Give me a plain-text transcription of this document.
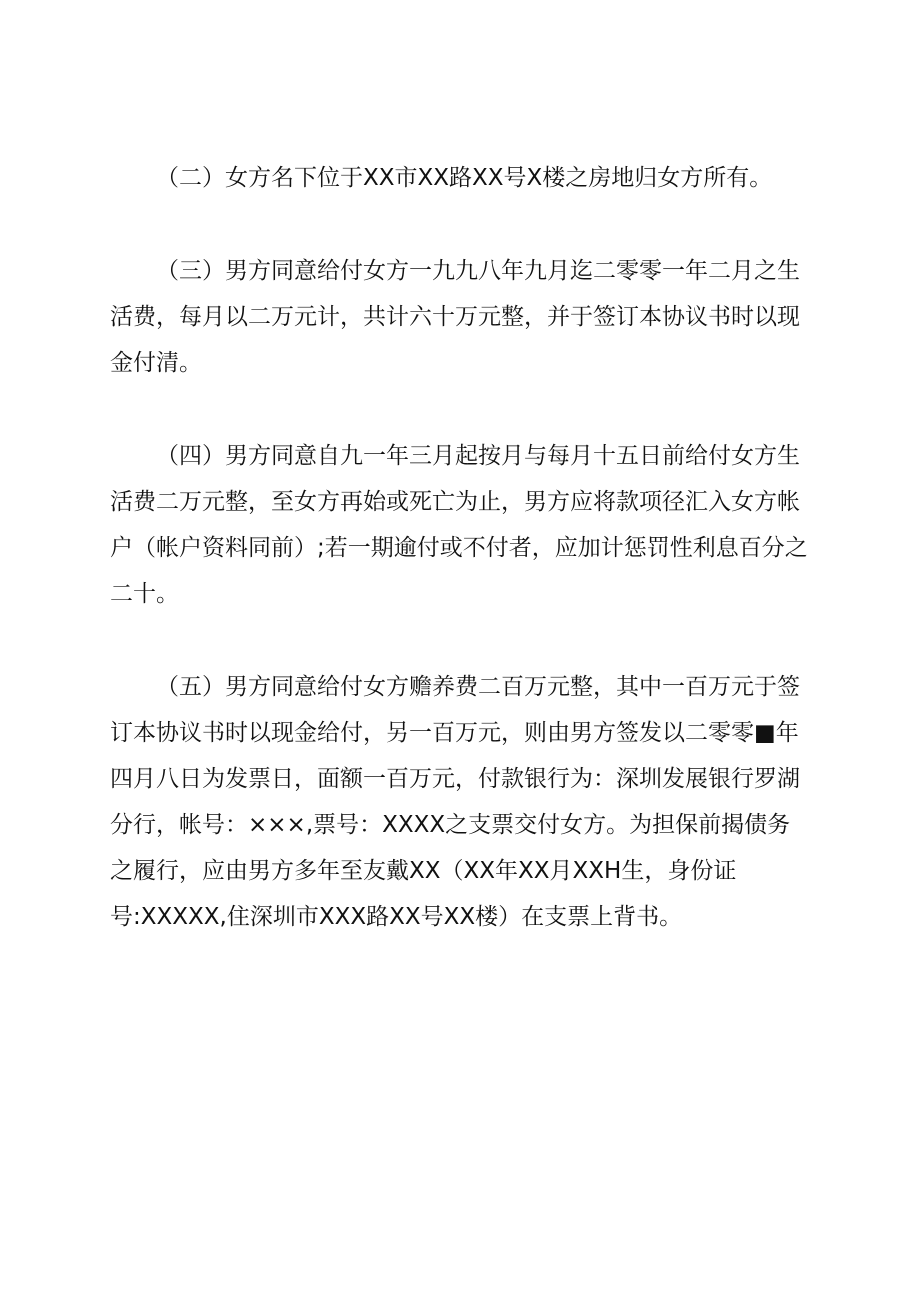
（二）女方名下位于XX市XX路XX号X楼之房地归女方所有。

（三）男方同意给付女方一九九八年九月迄二零零一年二月之生
活费，每月以二万元计，共计六十万元整，并于签订本协议书时以现
金付清。

（四）男方同意自九一年三月起按月与每月十五日前给付女方生
活费二万元整，至女方再始或死亡为止，男方应将款项径汇入女方帐
户（帐户资料同前）;若一期逾付或不付者，应加计惩罚性利息百分之
二十。

（五）男方同意给付女方赡养费二百万元整，其中一百万元于签
订本协议书时以现金给付，另一百万元，则由男方签发以二零零■年
四月八日为发票日，面额一百万元，付款银行为：深圳发展银行罗湖
分行，帐号：×××,票号：XXXX之支票交付女方。为担保前揭债务
之履行，应由男方多年至友戴XX（XX年XX月XXH生，身份证
号:XXXXX,住深圳市XXX路XX号XX楼）在支票上背书。
